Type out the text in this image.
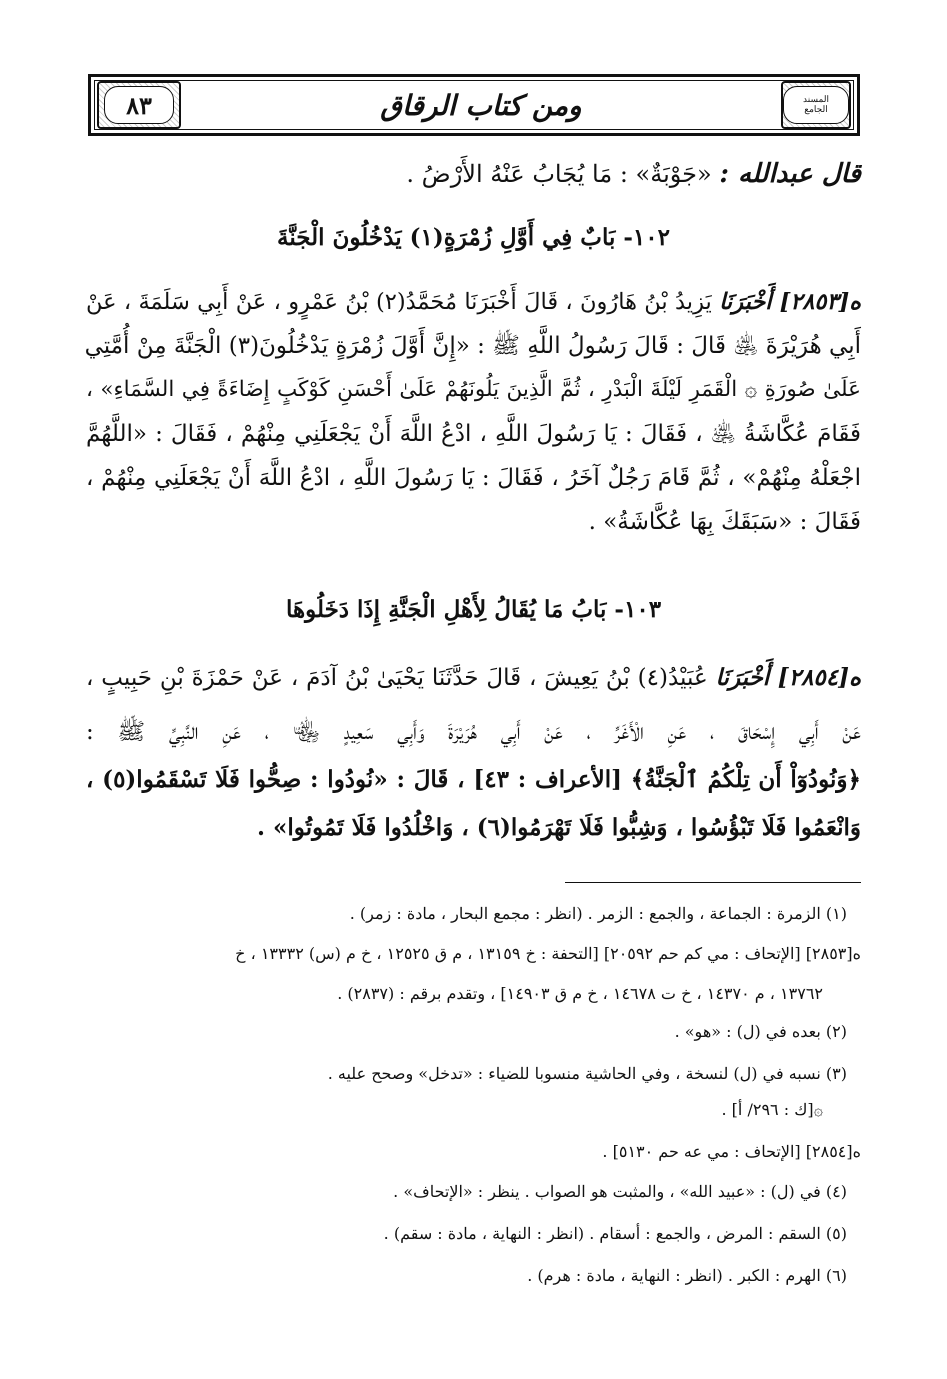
المسند الجامع
ومن كتاب الرقاق
٨٣
قال عبدالله : «جَوْبَةٌ» : مَا يُجَابُ عَنْهُ الأَرْضُ .
١٠٢- بَابٌ فِي أَوَّلِ زُمْرَةٍ(١) يَدْخُلُونَ الْجَنَّةَ
ه[٢٨٥٣] أَخْبَرَنَا يَزِيدُ بْنُ هَارُونَ ، قَالَ أَخْبَرَنَا مُحَمَّدُ(٢) بْنُ عَمْرٍو ، عَنْ أَبِي سَلَمَةَ ، عَنْ
أَبِي هُرَيْرَةَ ﵁ قَالَ : قَالَ رَسُولُ اللَّهِ ﷺ : «إِنَّ أَوَّلَ زُمْرَةٍ يَدْخُلُونَ(٣) الْجَنَّةَ مِنْ أُمَّتِي
عَلَىٰ صُورَةِ ۞ الْقَمَرِ لَيْلَةَ الْبَدْرِ ، ثُمَّ الَّذِينَ يَلُونَهُمْ عَلَىٰ أَحْسَنِ كَوْكَبٍ إِضَاءَةً فِي السَّمَاءِ» ،
فَقَامَ عُكَّاشَةُ ﵁ ، فَقَالَ : يَا رَسُولَ اللَّهِ ، ادْعُ اللَّهَ أَنْ يَجْعَلَنِي مِنْهُمْ ، فَقَالَ : «اللَّهُمَّ
اجْعَلْهُ مِنْهُمْ» ، ثُمَّ قَامَ رَجُلٌ آخَرُ ، فَقَالَ : يَا رَسُولَ اللَّهِ ، ادْعُ اللَّهَ أَنْ يَجْعَلَنِي مِنْهُمْ ،
فَقَالَ : «سَبَقَكَ بِهَا عُكَّاشَةُ» .
١٠٣- بَابُ مَا يُقَالُ لِأَهْلِ الْجَنَّةِ إِذَا دَخَلُوهَا
ه[٢٨٥٤] أَخْبَرَنَا عُبَيْدُ(٤) بْنُ يَعِيشَ ، قَالَ حَدَّثَنَا يَحْيَىٰ بْنُ آدَمَ ، عَنْ حَمْزَةَ بْنِ حَبِيبٍ ،
عَنْ أَبِي إِسْحَاقَ ، عَنِ الْأَغَرِّ ، عَنْ أَبِي هُرَيْرَةَ وَأَبِي سَعِيدٍ ﵄ ، عَنِ النَّبِيِّ ﷺ :
﴿وَنُودُوٓاْ أَن تِلْكُمُ ٱلْجَنَّةُ﴾ [الأعراف : ٤٣] ، قَالَ : «نُودُوا : صِحُّوا فَلَا تَسْقَمُوا(٥) ،
وَانْعَمُوا فَلَا تَبْؤُسُوا ، وَشِبُّوا فَلَا تَهْرَمُوا(٦) ، وَاخْلُدُوا فَلَا تَمُوتُوا» .
(١) الزمرة : الجماعة ، والجمع : الزمر . (انظر : مجمع البحار ، مادة : زمر) .
ه[٢٨٥٣] [الإتحاف : مي كم حم ٢٠٥٩٢] [التحفة : خ ١٣١٥٩ ، م ق ١٢٥٢٥ ، خ م (س) ١٣٣٣٢ ، خ
١٣٧٦٢ ، م ١٤٣٧٠ ، خ ت ١٤٦٧٨ ، خ م ق ١٤٩٠٣] ، وتقدم برقم : (٢٨٣٧) .
(٢) بعده في (ل) : «هو» .
(٣) نسبه في (ل) لنسخة ، وفي الحاشية منسوبا للضياء : «تدخل» وصحح عليه .
۞[ك : ٢٩٦/ أ] .
ه[٢٨٥٤] [الإتحاف : مي عه حم ٥١٣٠] .
(٤) في (ل) : «عبيد الله» ، والمثبت هو الصواب . ينظر : «الإتحاف» .
(٥) السقم : المرض ، والجمع : أسقام . (انظر : النهاية ، مادة : سقم) .
(٦) الهرم : الكبر . (انظر : النهاية ، مادة : هرم) .
